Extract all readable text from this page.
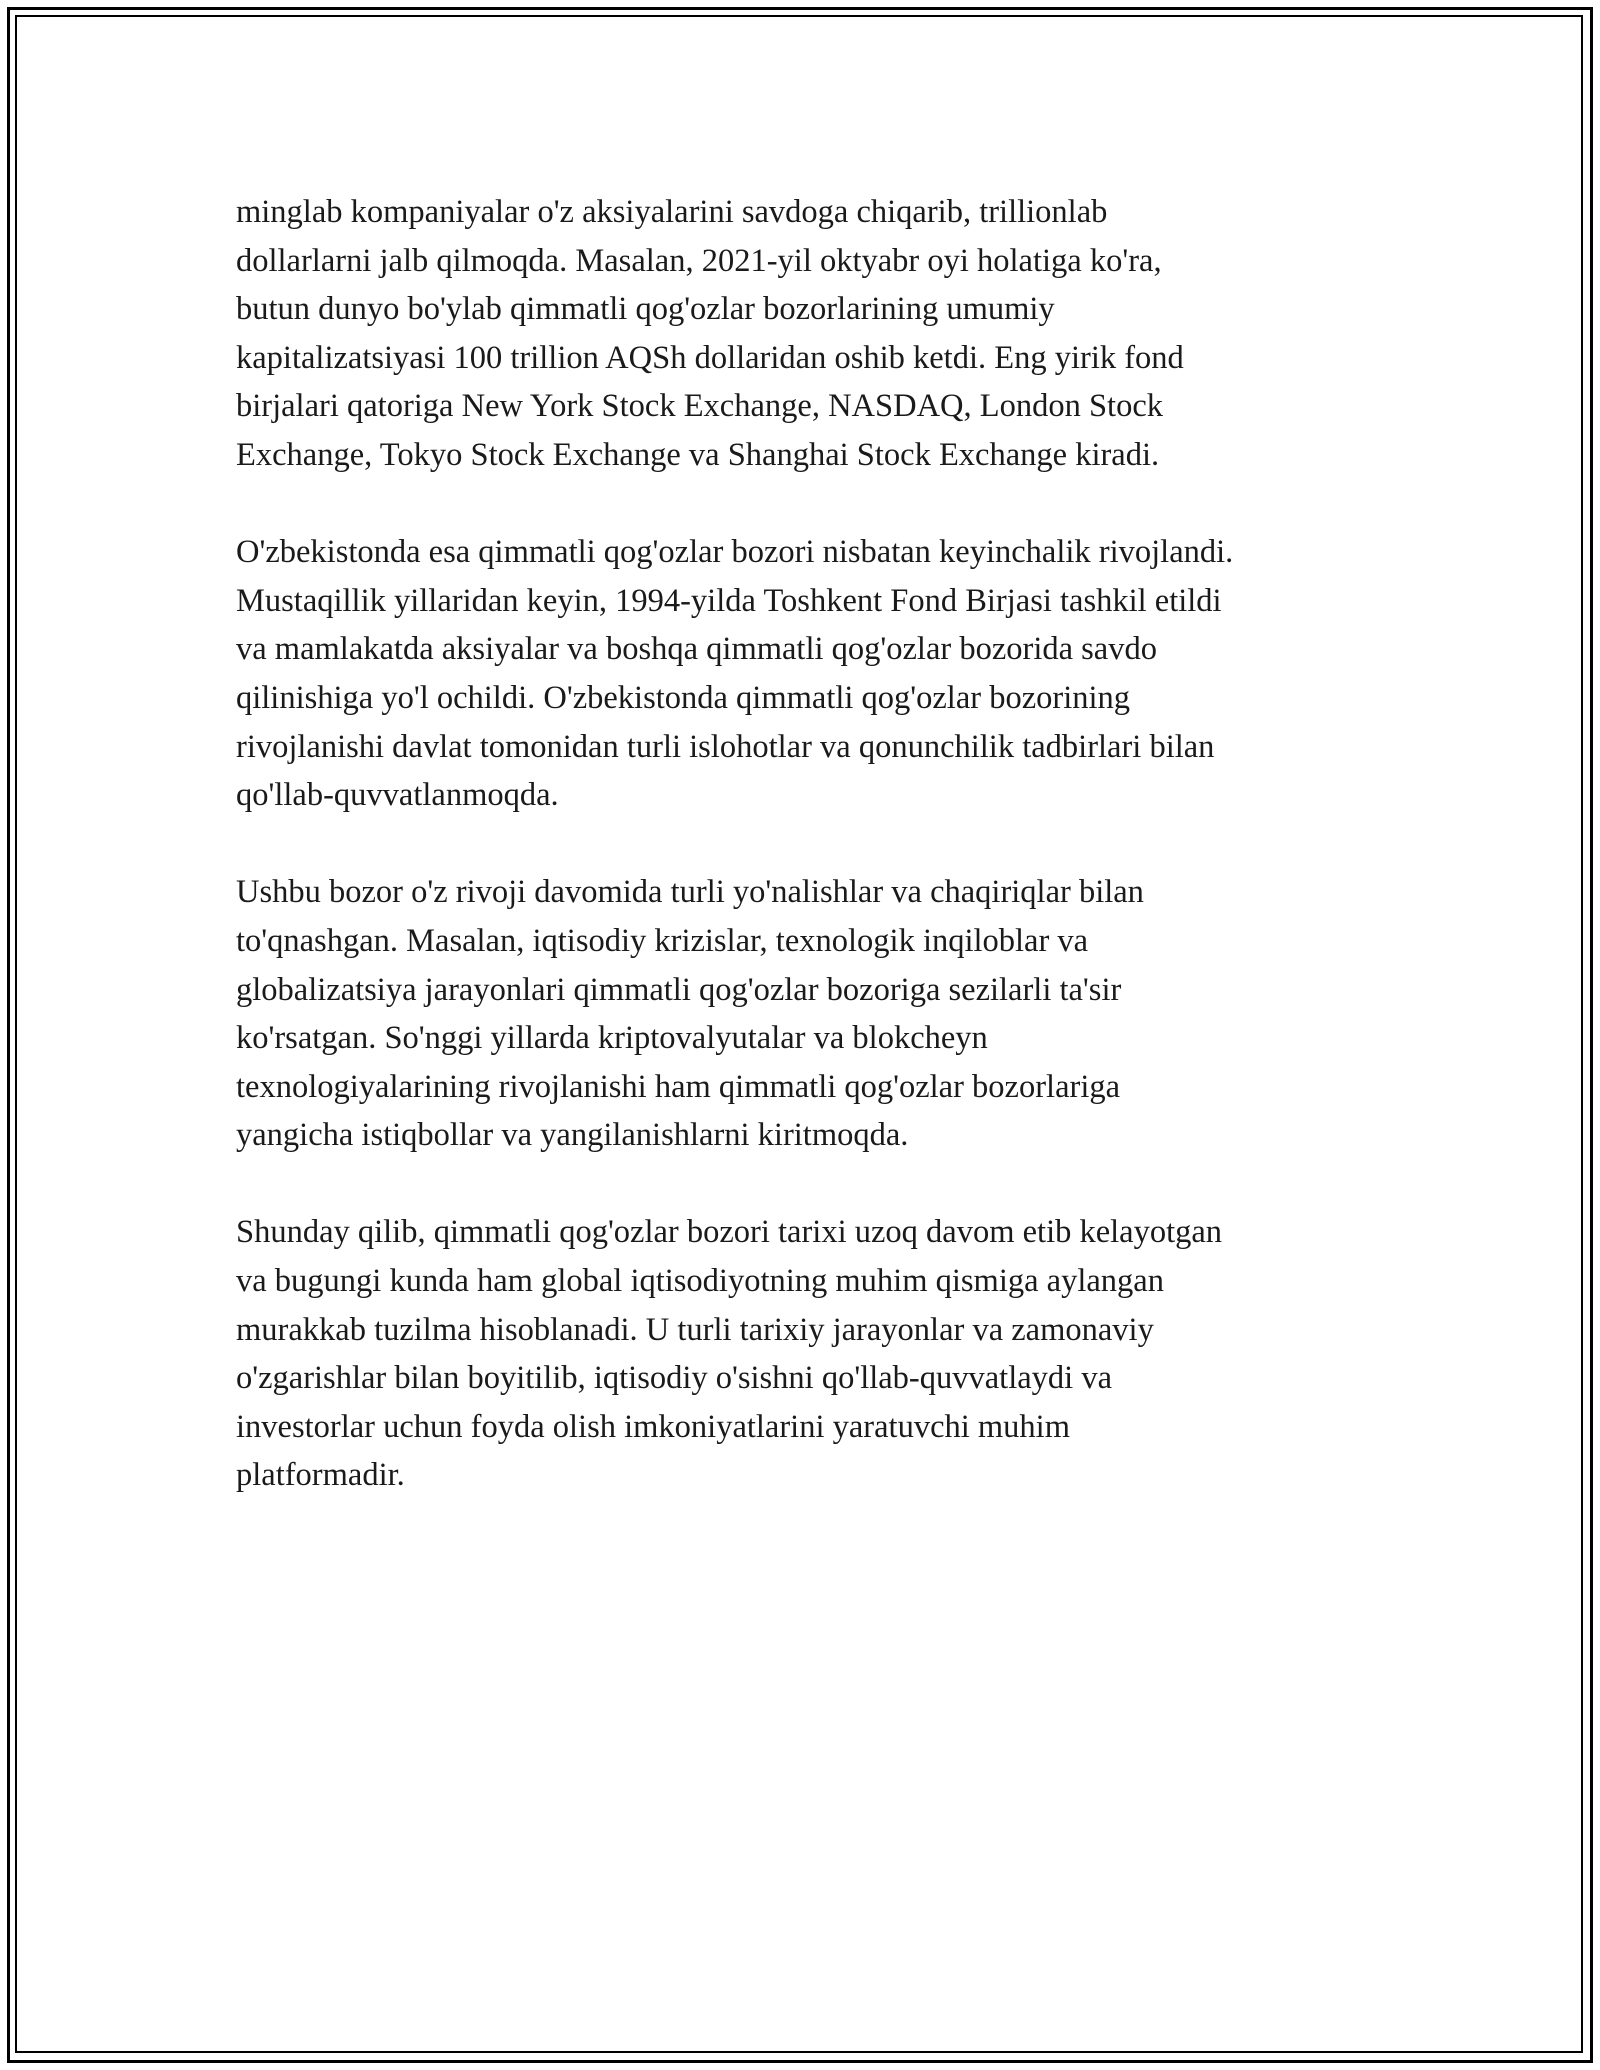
minglab kompaniyalar o'z aksiyalarini savdoga chiqarib, trillionlab
dollarlarni jalb qilmoqda. Masalan, 2021-yil oktyabr oyi holatiga ko'ra,
butun dunyo bo'ylab qimmatli qog'ozlar bozorlarining umumiy
kapitalizatsiyasi 100 trillion AQSh dollaridan oshib ketdi. Eng yirik fond
birjalari qatoriga New York Stock Exchange, NASDAQ, London Stock
Exchange, Tokyo Stock Exchange va Shanghai Stock Exchange kiradi.

O'zbekistonda esa qimmatli qog'ozlar bozori nisbatan keyinchalik rivojlandi.
Mustaqillik yillaridan keyin, 1994-yilda Toshkent Fond Birjasi tashkil etildi
va mamlakatda aksiyalar va boshqa qimmatli qog'ozlar bozorida savdo
qilinishiga yo'l ochildi. O'zbekistonda qimmatli qog'ozlar bozorining
rivojlanishi davlat tomonidan turli islohotlar va qonunchilik tadbirlari bilan
qo'llab-quvvatlanmoqda.

Ushbu bozor o'z rivoji davomida turli yo'nalishlar va chaqiriqlar bilan
to'qnashgan. Masalan, iqtisodiy krizislar, texnologik inqiloblar va
globalizatsiya jarayonlari qimmatli qog'ozlar bozoriga sezilarli ta'sir
ko'rsatgan. So'nggi yillarda kriptovalyutalar va blokcheyn
texnologiyalarining rivojlanishi ham qimmatli qog'ozlar bozorlariga
yangicha istiqbollar va yangilanishlarni kiritmoqda.

Shunday qilib, qimmatli qog'ozlar bozori tarixi uzoq davom etib kelayotgan
va bugungi kunda ham global iqtisodiyotning muhim qismiga aylangan
murakkab tuzilma hisoblanadi. U turli tarixiy jarayonlar va zamonaviy
o'zgarishlar bilan boyitilib, iqtisodiy o'sishni qo'llab-quvvatlaydi va
investorlar uchun foyda olish imkoniyatlarini yaratuvchi muhim
platformadir.
